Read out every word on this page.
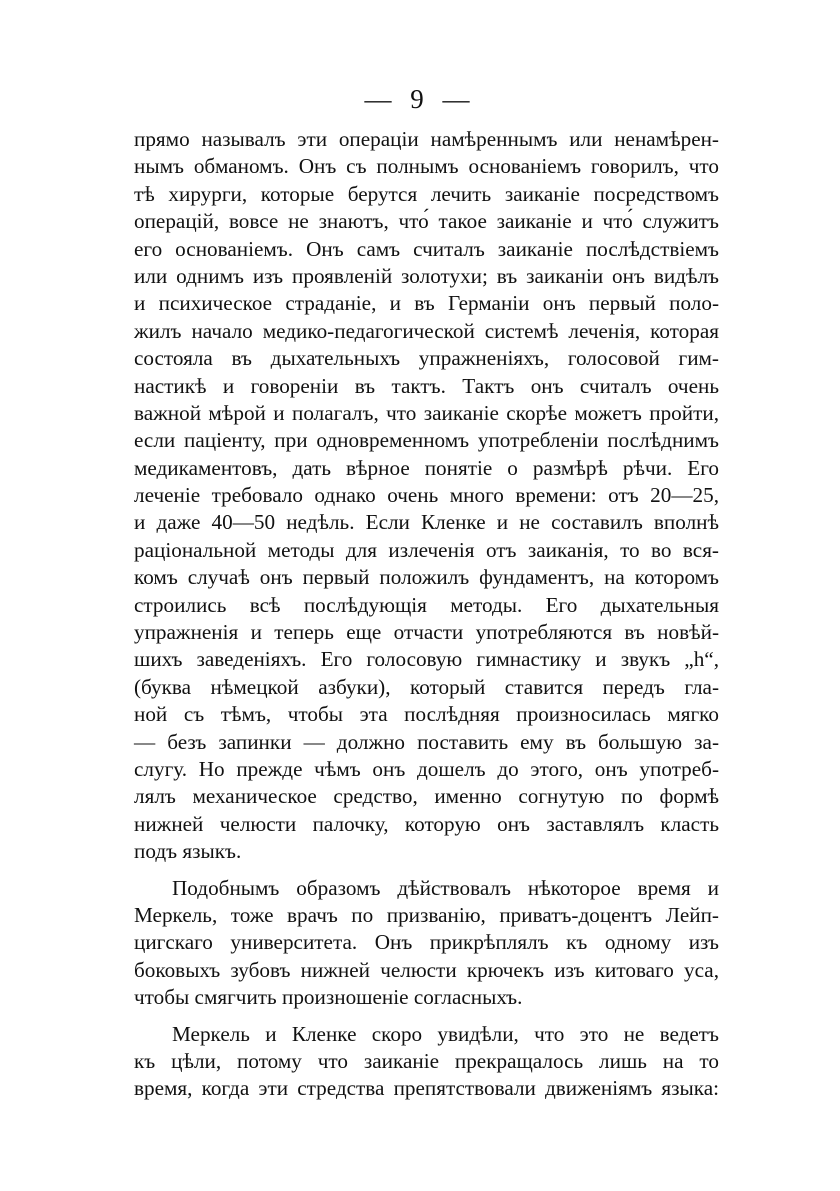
— 9 —
прямо называлъ эти операціи намѣреннымъ или ненамѣрен-
нымъ обманомъ. Онъ съ полнымъ основаніемъ говорилъ, что
тѣ хирурги, которые берутся лечить заиканіе посредствомъ
операцій, вовсе не знаютъ, что́ такое заиканіе и что́ служитъ
его основаніемъ. Онъ самъ считалъ заиканіе послѣдствіемъ
или однимъ изъ проявленій золотухи; въ заиканіи онъ видѣлъ
и психическое страданіе, и въ Германіи онъ первый поло-
жилъ начало медико-педагогической системѣ леченія, которая
состояла въ дыхательныхъ упражненіяхъ, голосовой гим-
настикѣ и говореніи въ тактъ. Тактъ онъ считалъ очень
важной мѣрой и полагалъ, что заиканіе скорѣе можетъ пройти,
если паціенту, при одновременномъ употребленіи послѣднимъ
медикаментовъ, дать вѣрное понятіе о размѣрѣ рѣчи. Его
леченіе требовало однако очень много времени: отъ 20—25,
и даже 40—50 недѣль. Если Кленке и не составилъ вполнѣ
раціональной методы для излеченія отъ заиканія, то во вся-
комъ случаѣ онъ первый положилъ фундаментъ, на которомъ
строились всѣ послѣдующія методы. Его дыхательныя
упражненія и теперь еще отчасти употребляются въ новѣй-
шихъ заведеніяхъ. Его голосовую гимнастику и звукъ „h“,
(буква нѣмецкой азбуки), который ставится передъ гла-
ной съ тѣмъ, чтобы эта послѣдняя произносилась мягко
— безъ запинки — должно поставить ему въ большую за-
слугу. Но прежде чѣмъ онъ дошелъ до этого, онъ употреб-
лялъ механическое средство, именно согнутую по формѣ
нижней челюсти палочку, которую онъ заставлялъ класть
подъ языкъ.
Подобнымъ образомъ дѣйствовалъ нѣкоторое время и
Меркель, тоже врачъ по призванію, приватъ-доцентъ Лейп-
цигскаго университета. Онъ прикрѣплялъ къ одному изъ
боковыхъ зубовъ нижней челюсти крючекъ изъ китоваго уса,
чтобы смягчить произношеніе согласныхъ.
Меркель и Кленке скоро увидѣли, что это не ведетъ
къ цѣли, потому что заиканіе прекращалось лишь на то
время, когда эти стредства препятствовали движеніямъ языка:
